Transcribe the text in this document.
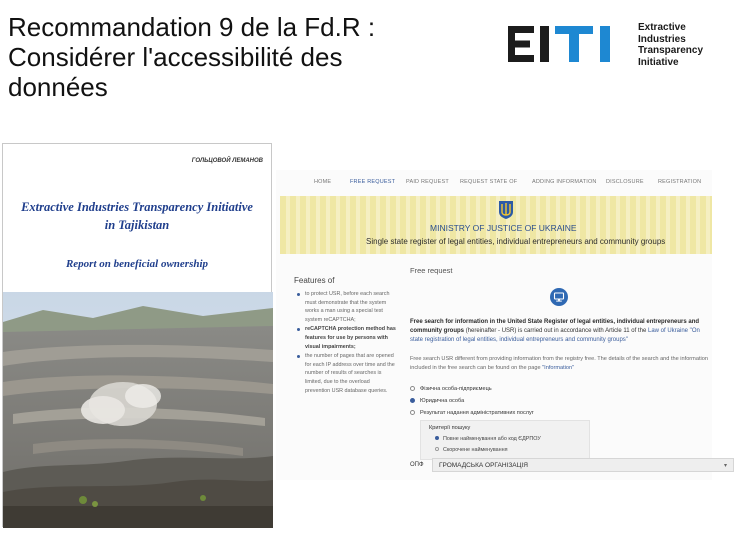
Recommandation 9 de la Fd.R :
Considérer l'accessibilité des
données
Extractive
Industries
Transparency
Initiative
ГОЛЬЦОВОЙ ЛЕМАНОВ
Extractive Industries Transparency Initiative
in Tajikistan
Report on beneficial ownership
HOME	FREE REQUEST PAID REQUEST REQUEST STATE OF	ADDING INFORMATION DISCLOSURE	REGISTRATION
MINISTRY OF JUSTICE OF UKRAINE
Single state register of legal entities, individual entrepreneurs and community groups
Features of
to protect USR, before each search must demonstrate that the system works a man using a special test system reCAPTCHA;
reCAPTCHA protection method has features for use by persons with visual impairments;
the number of pages that are opened for each IP address over time and the number of results of searches is limited, due to the overload prevention USR database queries.
Free request
Free search for information in the United State Register of legal entities, individual entrepreneurs and community groups (hereinafter - USR) is carried out in accordance with Article 11 of the Law of Ukraine "On state registration of legal entities, individual entrepreneurs and community groups"
Free search USR different from providing information from the registry free. The details of the search and the information included in the free search can be found on the page "Information"
Фізична особа-підприємець
Юридична особа
Результат надання адміністративних послуг
Критерії пошуку
Повне найменування або код ЄДРПОУ
Скорочене найменування
ОПФ ГРОМАДСЬКА ОРГАНІЗАЦІЯ	▾
